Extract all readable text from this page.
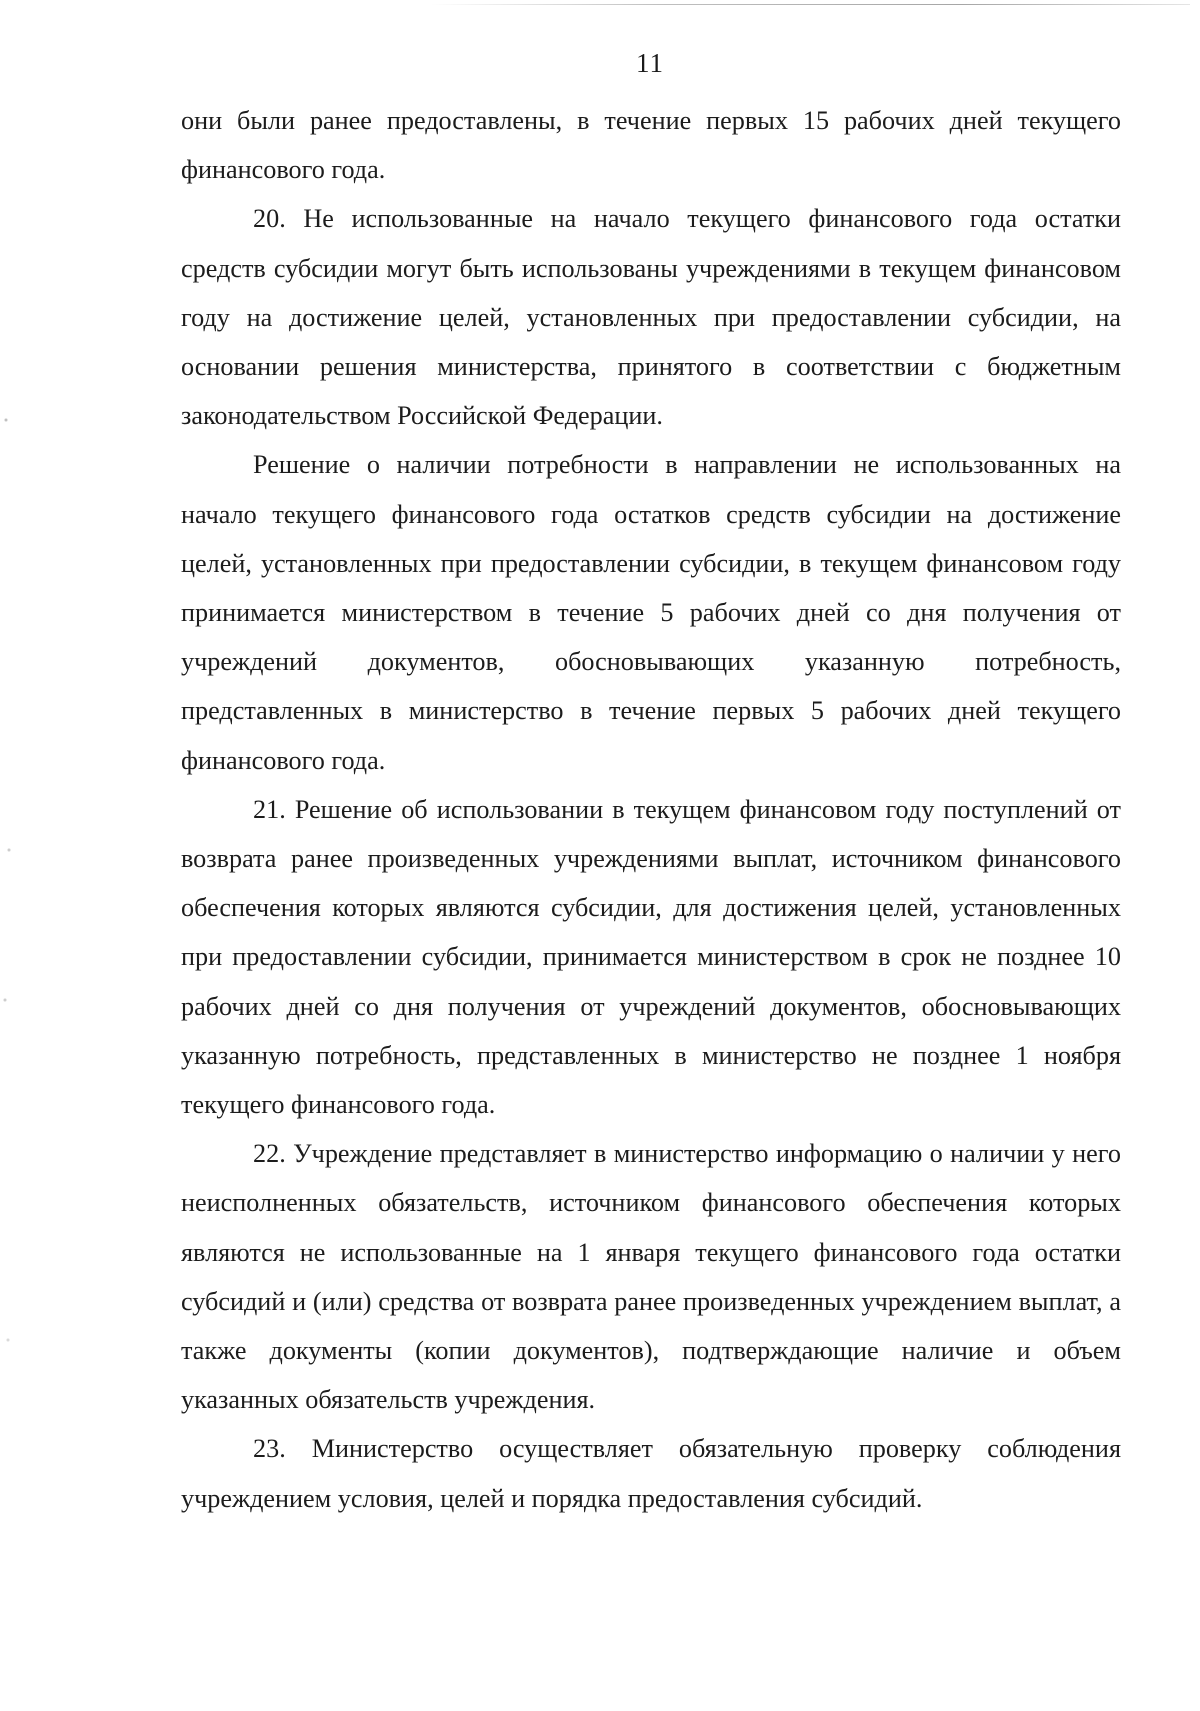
11

они были ранее предоставлены, в течение первых 15 рабочих дней текущего финансового года.

20. Не использованные на начало текущего финансового года остатки средств субсидии могут быть использованы учреждениями в текущем финансовом году на достижение целей, установленных при предоставлении субсидии, на основании решения министерства, принятого в соответствии с бюджетным законодательством Российской Федерации.

Решение о наличии потребности в направлении не использованных на начало текущего финансового года остатков средств субсидии на достижение целей, установленных при предоставлении субсидии, в текущем финансовом году принимается министерством в течение 5 рабочих дней со дня получения от учреждений документов, обосновывающих указанную потребность, представленных в министерство в течение первых 5 рабочих дней текущего финансового года.

21. Решение об использовании в текущем финансовом году поступлений от возврата ранее произведенных учреждениями выплат, источником финансового обеспечения которых являются субсидии, для достижения целей, установленных при предоставлении субсидии, принимается министерством в срок не позднее 10 рабочих дней со дня получения от учреждений документов, обосновывающих указанную потребность, представленных в министерство не позднее 1 ноября текущего финансового года.

22. Учреждение представляет в министерство информацию о наличии у него неисполненных обязательств, источником финансового обеспечения которых являются не использованные на 1 января текущего финансового года остатки субсидий и (или) средства от возврата ранее произведенных учреждением выплат, а также документы (копии документов), подтверждающие наличие и объем указанных обязательств учреждения.

23. Министерство осуществляет обязательную проверку соблюдения учреждением условия, целей и порядка предоставления субсидий.
